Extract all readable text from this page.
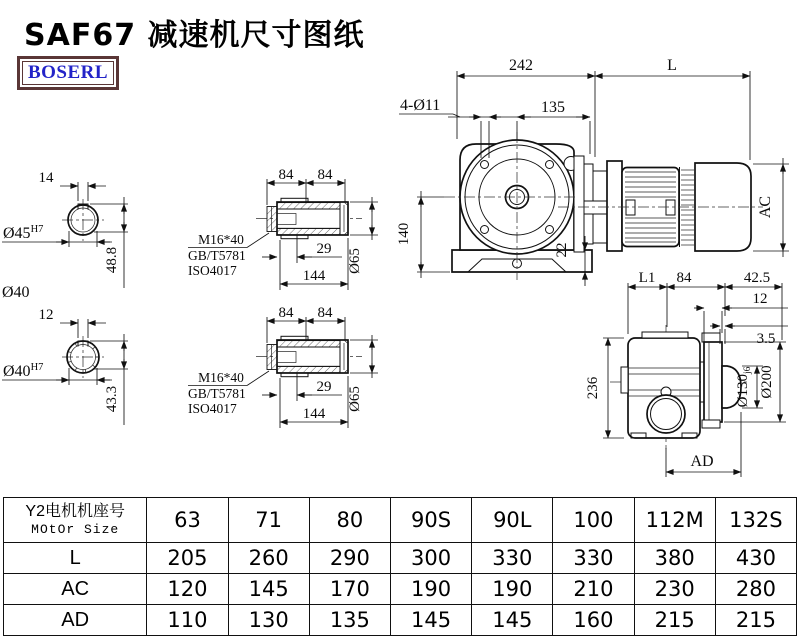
SAF67 减速机尺寸图纸
BOSERL
14
$Ø45^{H7}$
48.8
Ø40
12
$Ø40^{H7}$
43.3
84 84
29
144
Ø65
M16*40
GB/T5781
ISO4017
84 84
29
144
Ø65
M16*40
GB/T5781
ISO4017
242	L
135
4-Ø11
140
AC
22
L1 84	42.5
12
3.5
236	$Ø130_{j6}$ Ø200
AD
Y2电机机座号
MOtOr Size	63	71	80	90S	90L	100	112M	132S
L	205	260	290	300	330	330	380	430
AC	120	145	170	190	190	210	230	280
AD	110	130	135	145	145	160	215	215
